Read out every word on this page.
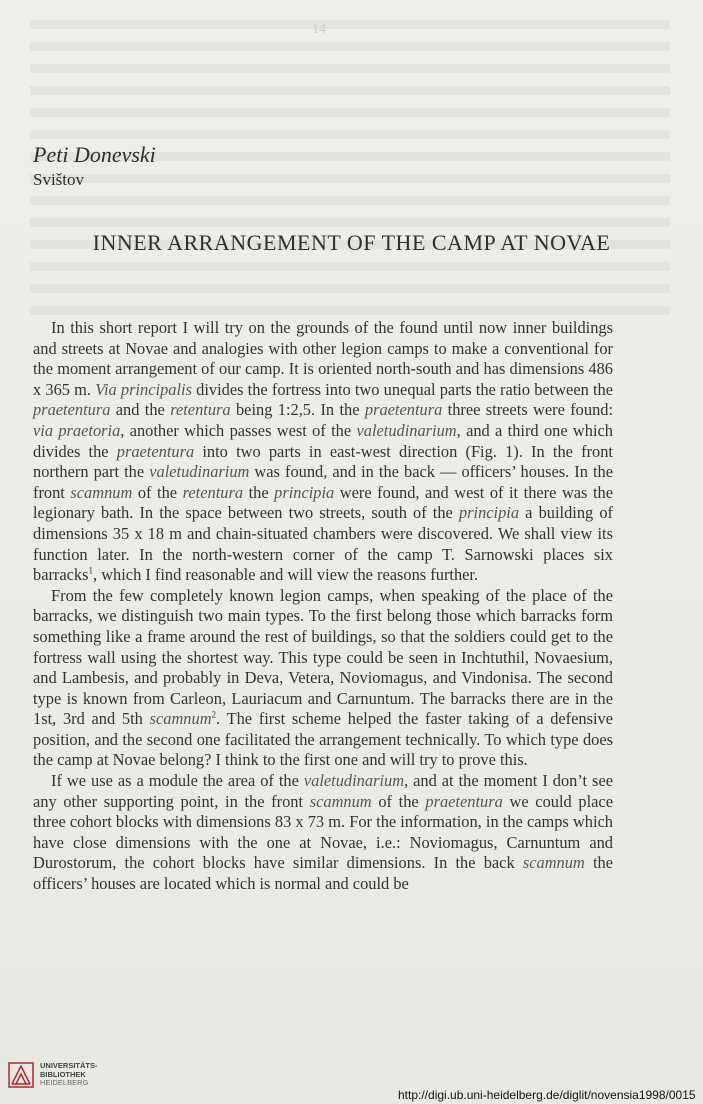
14
Peti Donevski
Svištov
INNER ARRANGEMENT OF THE CAMP AT NOVAE

In this short report I will try on the grounds of the found until now inner buildings and streets at Novae and analogies with other legion camps to make a conventional for the moment arrangement of our camp. It is oriented north-south and has dimensions 486 x 365 m. Via principalis divides the fortress into two unequal parts the ratio between the praetentura and the retentura being 1:2,5. In the praetentura three streets were found: via praetoria, another which passes west of the valetudinarium, and a third one which divides the praetentura into two parts in east-west direction (Fig. 1). In the front northern part the valetudinarium was found, and in the back — officers’ houses. In the front scamnum of the retentura the principia were found, and west of it there was the legionary bath. In the space between two streets, south of the principia a building of dimensions 35 x 18 m and chain-situated chambers were discovered. We shall view its function later. In the north-western corner of the camp T. Sarnowski places six barracks$^1$, which I find reasonable and will view the reasons further.

From the few completely known legion camps, when speaking of the place of the barracks, we distinguish two main types. To the first belong those which barracks form something like a frame around the rest of buildings, so that the soldiers could get to the fortress wall using the shortest way. This type could be seen in Inchtuthil, Novaesium, and Lambesis, and probably in Deva, Vetera, Noviomagus, and Vindonisa. The second type is known from Carleon, Lauriacum and Carnuntum. The barracks there are in the 1st, 3rd and 5th scamnum$^2$. The first scheme helped the faster taking of a defensive position, and the second one facilitated the arrangement technically. To which type does the camp at Novae belong? I think to the first one and will try to prove this.

If we use as a module the area of the valetudinarium, and at the moment I don’t see any other supporting point, in the front scamnum of the praetentura we could place three cohort blocks with dimensions 83 x 73 m. For the information, in the camps which have close dimensions with the one at Novae, i.e.: Noviomagus, Carnuntum and Durostorum, the cohort blocks have similar dimensions. In the back scamnum the officers’ houses are located which is normal and could be

UNIVERSITÄTS-
BIBLIOTHEK
HEIDELBERG
http://digi.ub.uni-heidelberg.de/diglit/novensia1998/0015
